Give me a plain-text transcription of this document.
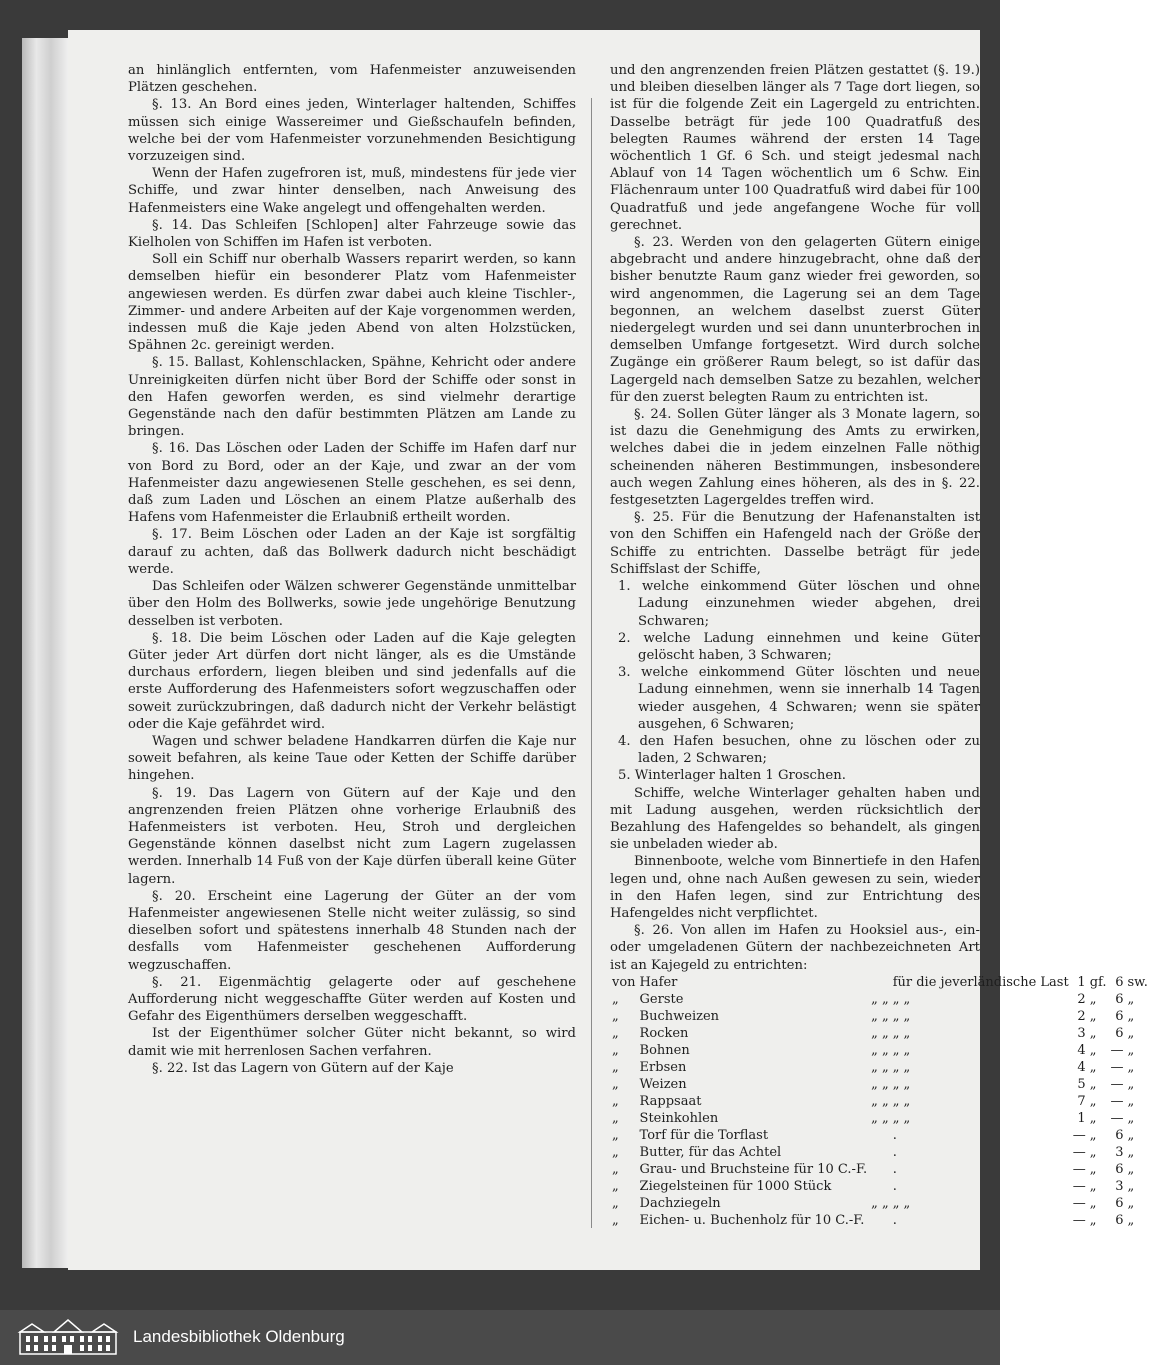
an hinlänglich entfernten, vom Hafenmeister anzuweisenden Plätzen geschehen.

§. 13. An Bord eines jeden, Winterlager haltenden, Schiffes müssen sich einige Wassereimer und Gießschaufeln befinden, welche bei der vom Hafenmeister vorzunehmenden Besichtigung vorzuzeigen sind.

Wenn der Hafen zugefroren ist, muß, mindestens für jede vier Schiffe, und zwar hinter denselben, nach Anweisung des Hafenmeisters eine Wake angelegt und offengehalten werden.

§. 14. Das Schleifen [Schlopen] alter Fahrzeuge sowie das Kielholen von Schiffen im Hafen ist verboten.

Soll ein Schiff nur oberhalb Wassers reparirt werden, so kann demselben hiefür ein besonderer Platz vom Hafenmeister angewiesen werden. Es dürfen zwar dabei auch kleine Tischler-, Zimmer- und andere Arbeiten auf der Kaje vorgenommen werden, indessen muß die Kaje jeden Abend von alten Holzstücken, Spähnen 2c. gereinigt werden.

§. 15. Ballast, Kohlenschlacken, Spähne, Kehricht oder andere Unreinigkeiten dürfen nicht über Bord der Schiffe oder sonst in den Hafen geworfen werden, es sind vielmehr derartige Gegenstände nach den dafür bestimmten Plätzen am Lande zu bringen.

§. 16. Das Löschen oder Laden der Schiffe im Hafen darf nur von Bord zu Bord, oder an der Kaje, und zwar an der vom Hafenmeister dazu angewiesenen Stelle geschehen, es sei denn, daß zum Laden und Löschen an einem Platze außerhalb des Hafens vom Hafenmeister die Erlaubniß ertheilt worden.

§. 17. Beim Löschen oder Laden an der Kaje ist sorgfältig darauf zu achten, daß das Bollwerk dadurch nicht beschädigt werde.

Das Schleifen oder Wälzen schwerer Gegenstände unmittelbar über den Holm des Bollwerks, sowie jede ungehörige Benutzung desselben ist verboten.

§. 18. Die beim Löschen oder Laden auf die Kaje gelegten Güter jeder Art dürfen dort nicht länger, als es die Umstände durchaus erfordern, liegen bleiben und sind jedenfalls auf die erste Aufforderung des Hafenmeisters sofort wegzuschaffen oder soweit zurückzubringen, daß dadurch nicht der Verkehr belästigt oder die Kaje gefährdet wird.

Wagen und schwer beladene Handkarren dürfen die Kaje nur soweit befahren, als keine Taue oder Ketten der Schiffe darüber hingehen.

§. 19. Das Lagern von Gütern auf der Kaje und den angrenzenden freien Plätzen ohne vorherige Erlaubniß des Hafenmeisters ist verboten. Heu, Stroh und dergleichen Gegenstände können daselbst nicht zum Lagern zugelassen werden. Innerhalb 14 Fuß von der Kaje dürfen überall keine Güter lagern.

§. 20. Erscheint eine Lagerung der Güter an der vom Hafenmeister angewiesenen Stelle nicht weiter zulässig, so sind dieselben sofort und spätestens innerhalb 48 Stunden nach der desfalls vom Hafenmeister geschehenen Aufforderung wegzuschaffen.

§. 21. Eigenmächtig gelagerte oder auf geschehene Aufforderung nicht weggeschaffte Güter werden auf Kosten und Gefahr des Eigenthümers derselben weggeschafft.

Ist der Eigenthümer solcher Güter nicht bekannt, so wird damit wie mit herrenlosen Sachen verfahren.

§. 22. Ist das Lagern von Gütern auf der Kaje

und den angrenzenden freien Plätzen gestattet (§. 19.) und bleiben dieselben länger als 7 Tage dort liegen, so ist für die folgende Zeit ein Lagergeld zu entrichten. Dasselbe beträgt für jede 100 Quadratfuß des belegten Raumes während der ersten 14 Tage wöchentlich 1 Gf. 6 Sch. und steigt jedesmal nach Ablauf von 14 Tagen wöchentlich um 6 Schw. Ein Flächenraum unter 100 Quadratfuß wird dabei für 100 Quadratfuß und jede angefangene Woche für voll gerechnet.

§. 23. Werden von den gelagerten Gütern einige abgebracht und andere hinzugebracht, ohne daß der bisher benutzte Raum ganz wieder frei geworden, so wird angenommen, die Lagerung sei an dem Tage begonnen, an welchem daselbst zuerst Güter niedergelegt wurden und sei dann ununterbrochen in demselben Umfange fortgesetzt. Wird durch solche Zugänge ein größerer Raum belegt, so ist dafür das Lagergeld nach demselben Satze zu bezahlen, welcher für den zuerst belegten Raum zu entrichten ist.

§. 24. Sollen Güter länger als 3 Monate lagern, so ist dazu die Genehmigung des Amts zu erwirken, welches dabei die in jedem einzelnen Falle nöthig scheinenden näheren Bestimmungen, insbesondere auch wegen Zahlung eines höheren, als des in §. 22. festgesetzten Lagergeldes treffen wird.

§. 25. Für die Benutzung der Hafenanstalten ist von den Schiffen ein Hafengeld nach der Größe der Schiffe zu entrichten. Dasselbe beträgt für jede Schiffslast der Schiffe,

1. welche einkommend Güter löschen und ohne Ladung einzunehmen wieder abgehen, drei Schwaren;
2. welche Ladung einnehmen und keine Güter gelöscht haben, 3 Schwaren;
3. welche einkommend Güter löschten und neue Ladung einnehmen, wenn sie innerhalb 14 Tagen wieder ausgehen, 4 Schwaren; wenn sie später ausgehen, 6 Schwaren;
4. den Hafen besuchen, ohne zu löschen oder zu laden, 2 Schwaren;
5. Winterlager halten 1 Groschen.

Schiffe, welche Winterlager gehalten haben und mit Ladung ausgehen, werden rücksichtlich der Bezahlung des Hafengeldes so behandelt, als gingen sie unbeladen wieder ab.

Binnenboote, welche vom Binnertiefe in den Hafen legen und, ohne nach Außen gewesen zu sein, wieder in den Hafen legen, sind zur Entrichtung des Hafengeldes nicht verpflichtet.

§. 26. Von allen im Hafen zu Hooksiel aus-, ein- oder umgeladenen Gütern der nachbezeichneten Art ist an Kajegeld zu entrichten:

von	Hafer		für die jeverländische Last	1	gf.	6	sw.
„	Gerste	„ „	„ „	2	„	6	„
„	Buchweizen	„ „	„ „	2	„	6	„
„	Rocken	„ „	„ „	3	„	6	„
„	Bohnen	„ „	„ „	4	„	—	„
„	Erbsen	„ „	„ „	4	„	—	„
„	Weizen	„ „	„ „	5	„	—	„
„	Rappsaat	„ „	„ „	7	„	—	„
„	Steinkohlen	„ „	„ „	1	„	—	„
„	Torf für die Torflast		.	—	„	6	„
„	Butter, für das Achtel		.	—	„	3	„
„	Grau- und Bruchsteine für 10 C.-F.		.	—	„	6	„
„	Ziegelsteinen für 1000 Stück		.	—	„	3	„
„	Dachziegeln	„ „	„ „	—	„	6	„
„	Eichen- u. Buchenholz für 10 C.-F.		.	—	„	6	„
Landesbibliothek Oldenburg
